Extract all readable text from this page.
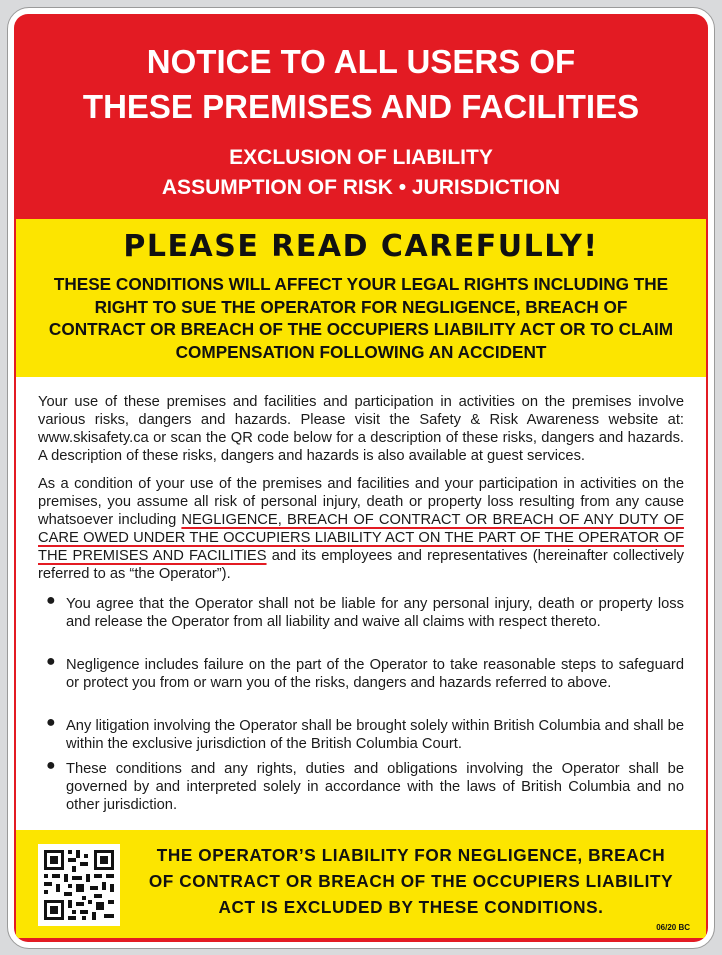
NOTICE TO ALL USERS OF
THESE PREMISES AND FACILITIES
EXCLUSION OF LIABILITY
ASSUMPTION OF RISK • JURISDICTION
PLEASE READ CAREFULLY!
THESE CONDITIONS WILL AFFECT YOUR LEGAL RIGHTS INCLUDING THE RIGHT TO SUE THE OPERATOR FOR NEGLIGENCE, BREACH OF CONTRACT OR BREACH OF THE OCCUPIERS LIABILITY ACT OR TO CLAIM COMPENSATION FOLLOWING AN ACCIDENT
Your use of these premises and facilities and participation in activities on the premises involve various risks, dangers and hazards. Please visit the Safety & Risk Awareness website at: www.skisafety.ca or scan the QR code below for a description of these risks, dangers and hazards. A description of these risks, dangers and hazards is also available at guest services.
As a condition of your use of the premises and facilities and your participation in activities on the premises, you assume all risk of personal injury, death or property loss resulting from any cause whatsoever including NEGLIGENCE, BREACH OF CONTRACT OR BREACH OF ANY DUTY OF CARE OWED UNDER THE OCCUPIERS LIABILITY ACT ON THE PART OF THE OPERATOR OF THE PREMISES AND FACILITIES and its employees and representatives (hereinafter collectively referred to as “the Operator”).
● You agree that the Operator shall not be liable for any personal injury, death or property loss and release the Operator from all liability and waive all claims with respect thereto.
● Negligence includes failure on the part of the Operator to take reasonable steps to safeguard or protect you from or warn you of the risks, dangers and hazards referred to above.
● Any litigation involving the Operator shall be brought solely within British Columbia and shall be within the exclusive jurisdiction of the British Columbia Court.
● These conditions and any rights, duties and obligations involving the Operator shall be governed by and interpreted solely in accordance with the laws of British Columbia and no other jurisdiction.
THE OPERATOR’S LIABILITY FOR NEGLIGENCE, BREACH
OF CONTRACT OR BREACH OF THE OCCUPIERS LIABILITY
ACT IS EXCLUDED BY THESE CONDITIONS.
06/20 BC
